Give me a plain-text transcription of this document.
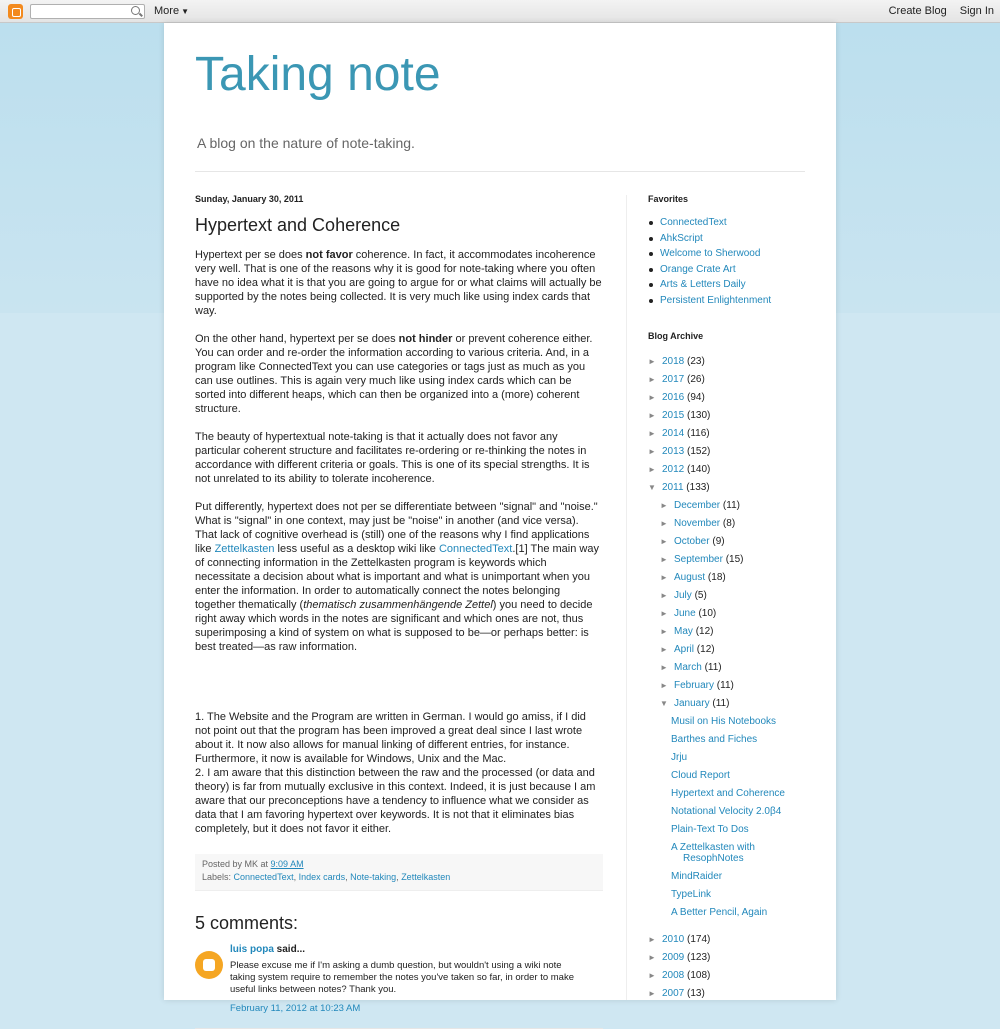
More ▼	Create Blog Sign In
Taking note
A blog on the nature of note-taking.
Sunday, January 30, 2011
Hypertext and Coherence

Hypertext per se does not favor coherence. In fact, it accommodates incoherence very well. That is one of the reasons why it is good for note-taking where you often have no idea what it is that you are going to argue for or what claims will actually be supported by the notes being collected. It is very much like using index cards that way.

On the other hand, hypertext per se does not hinder or prevent coherence either. You can order and re-order the information according to various criteria. And, in a program like ConnectedText you can use categories or tags just as much as you can use outlines. This is again very much like using index cards which can be sorted into different heaps, which can then be organized into a (more) coherent structure.

The beauty of hypertextual note-taking is that it actually does not favor any particular coherent structure and facilitates re-ordering or re-thinking the notes in accordance with different criteria or goals. This is one of its special strengths. It is not unrelated to its ability to tolerate incoherence.

Put differently, hypertext does not per se differentiate between "signal" and "noise." What is "signal" in one context, may just be "noise" in another (and vice versa). That lack of cognitive overhead is (still) one of the reasons why I find applications like Zettelkasten less useful as a desktop wiki like ConnectedText.[1] The main way of connecting information in the Zettelkasten program is keywords which necessitate a decision about what is important and what is unimportant when you enter the information. In order to automatically connect the notes belonging together thematically (thematisch zusammenhängende Zettel) you need to decide right away which words in the notes are significant and which ones are not, thus superimposing a kind of system on what is supposed to be—or perhaps better: is best treated—as raw information.

1. The Website and the Program are written in German. I would go amiss, if I did not point out that the program has been improved a great deal since I last wrote about it. It now also allows for manual linking of different entries, for instance. Furthermore, it now is available for Windows, Unix and the Mac.
2. I am aware that this distinction between the raw and the processed (or data and theory) is far from mutually exclusive in this context. Indeed, it is just because I am aware that our preconceptions have a tendency to influence what we consider as data that I am favoring hypertext over keywords. It is not that it eliminates bias completely, but it does not favor it either.
Posted by MK at 9:09 AM
Labels: ConnectedText, Index cards, Note-taking, Zettelkasten
5 comments:
luis popa said...
Please excuse me if I'm asking a dumb question, but wouldn't using a wiki note taking system require to remember the notes you've taken so far, in order to make useful links between notes? Thank you.
February 11, 2012 at 10:23 AM
Favorites
ConnectedText
AhkScript
Welcome to Sherwood
Orange Crate Art
Arts & Letters Daily
Persistent Enlightenment
Blog Archive
► 2018 (23)
► 2017 (26)
► 2016 (94)
► 2015 (130)
► 2014 (116)
► 2013 (152)
► 2012 (140)
▼ 2011 (133)
► December (11)
► November (8)
► October (9)
► September (15)
► August (18)
► July (5)
► June (10)
► May (12)
► April (12)
► March (11)
► February (11)
▼ January (11)
Musil on His Notebooks
Barthes and Fiches
Jrju
Cloud Report
Hypertext and Coherence
Notational Velocity 2.0β4
Plain-Text To Dos
A Zettelkasten with
ResophNotes
MindRaider
TypeLink
A Better Pencil, Again
► 2010 (174)
► 2009 (123)
► 2008 (108)
► 2007 (13)
